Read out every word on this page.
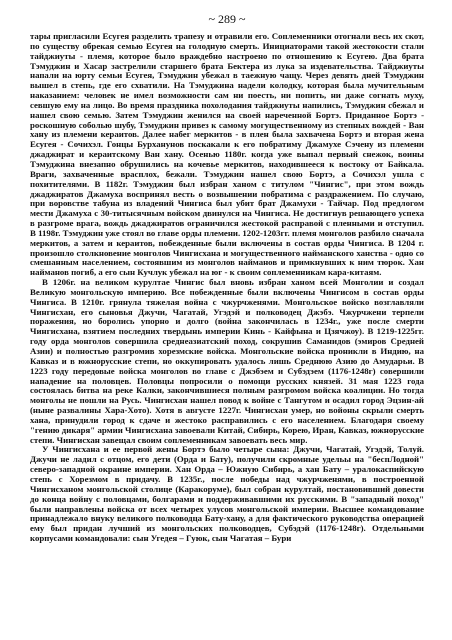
~ 289 ~

тары пригласили Есугея разделить трапезу и отравили его. Соплеменники отогнали весь их скот, по существу обрекая семью Есугея на голодную смерть. Инициаторами такой жестокости стали тайджиуты - племя, которое было враждебно настроено по отношению к Есугею. Два брата Тэмуджин и Хасар застрелили старшего брата Бектера из лука за издевательства. Тайджиуты напали на юрту семьи Есугея, Тэмуджин убежал в таежную чащу. Через девять дней Тэмуджин вышел в степь, где его схватили. На Тэмуджина надели колодку, которая была мучительным наказанием: человек не имел возможности сам ни поесть, ни попить, ни даже согнать муху, севшую ему на лицо. Во время праздника похолодания тайджиуты напились, Тэмуджин сбежал и нашел свою семью. Затем Тэмуджин женился на своей нареченной Бортэ. Приданное Бортэ - роскошную соболью шубу, Тэмуджин привез к самому могущественному из степных вождей - Ван хану из племени кераитов. Далее набег меркитов - в плен была захвачена Бортэ и вторая жена Есугея - Сочихэл. Гонцы Бурханунов поскакали к его побратиму Джамухе Сэчену из племени джаджират и кераитскому Ван хану. Осенью 1180г. когда уже выпал первый снежок, воины Тэмуджина внезапно обрушились на кочевье меркитов, находившееся к востоку от Байкала. Враги, захваченные врасплох, бежали. Тэмуджин нашел свою Бортэ, а Сочихэл ушла с похитителями. В 1182г. Тэмуджин был избран ханом с титулом "Чингис", при этом вождь джаджиратов Джамуха воспринял весть о возвышении побратима с раздражением. По случаю, при воровстве табуна из владений Чингиса был убит брат Джамухи - Тайчар. Под предлогом мести Джамуха с 30-титысячным войском двинулся на Чингиса. Не достигнув решающего успеха в разгроме врага, вождь джаджиратов ограничился жестокой расправой с пленными и отступил. В 1198г. Тэмуджин уже стоял во главе орды племени. 1202-1203гг. племя монголов разбило сначала меркитов, а затем и кераитов, побежденные были включены в состав орды Чингиса. В 1204 г. произошло столкновение монголов Чингисхана и могущественного найманского ханства - одно со смешанным населением, состоявшим из монголов найманов и примкнувших к ним тюрок. Хан найманов погиб, а его сын Кучлук убежал на юг - к своим соплеменникам кара-китаям.

В 1206г. на великом курултае Чингис был вновь избран ханом всей Монголии и создал Великую монгольскую империю. Все побежденные были включены Чингисом в состав орды Чингиса. В 1210г. грянула тяжелая война с чжурчженями. Монгольское войско возглавляли Чингисхан, его сыновья Джучи, Чагатай, Угэдэй и полководец Джэбэ. Чжурчжени терпели поражения, но боролись упорно и долго (война закончилась в 1234г., уже после смерти Чингисхана, взятием последних твердынь империи Кинь - Кайфына и Цзячжоу). В 1219-1225гг. году орда монголов совершила среднеазиатский поход, сокрушив Саманидов (эмиров Средней Азии) и полностью разгромив хорезмские войска. Монгольские войска проникли в Индию, на Кавказ и в южнорусские степи, но оккупировать удалось лишь Среднюю Азию до Амударьи. В 1223 году передовые войска монголов во главе с Джэбэем и Субэдэем (1176-1248г) совершили нападение на половцев. Половцы попросили о помощи русских князей. 31 мая 1223 года состоялась битва на реке Калки, закончившиеся полным разгромом войска коалиции. Но тогда монголы не пошли на Русь. Чингисхан нашел повод к войне с Тангутом и осадил город Эцзин-ай (ныне развалины Хара-Хото). Хотя в августе 1227г. Чингисхан умер, но войоны скрыли смерть хана, принудили город к сдаче и жестоко расправились с его населением. Благодаря своему "гению дикаря" армии Чингисхана завоевали Китай, Сибирь, Корею, Иран, Кавказ, южнорусские степи. Чингисхан завещал своим соплеменникам завоевать весь мир.

У Чингисхана и ее первой жены Бортэ было четыре сына: Джучи, Чагатай, Угэдэй, Толуй. Джучи не ладил с отцом, его дети (Орда и Бату), получили скромные удельы на "беспЛодной" северо-западной окраине империи. Хан Орда – Южную Сибирь, а хан Бату – уралокаспийскую степь с Хорезмом в придачу. В 1235г., после победы над чжурчженями, в построенной Чингисханом монгольской столице (Каракоруме), был собран курултай, постановивший довести до конца войну с половцами, болгарами и поддерживавшими их русскими. В "западный поход" были направлены войска от всех четырех улусов монгольской империи. Высшее командование принадлежало внуку великого полководца Бату-хану, а для фактического руководства операцией ему был придан лучший из монгольских полководцев, Субэдэй (1176-1248г). Отдельными корпусами командовали: сын Угедея – Гуюк, сын Чагатая – Бури
